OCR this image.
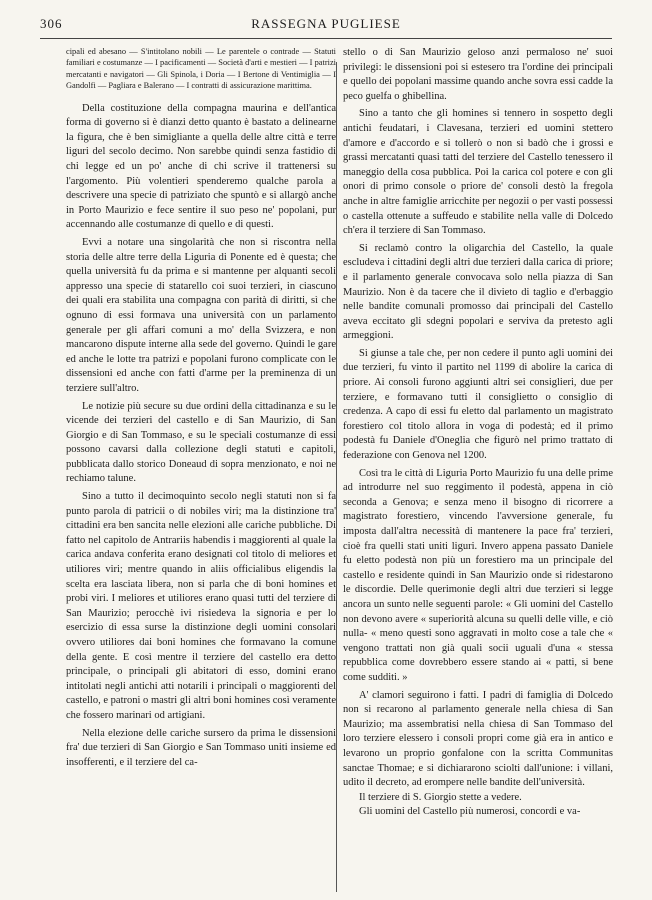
306	RASSEGNA PUGLIESE

cipali ed abesano — S'intitolano nobili — Le parentele o contrade — Statuti familiari e costumanze — I pacificamenti — Società d'arti e mestieri — I patrizi mercatanti e navigatori — Gli Spinola, i Doria — I Bertone di Ventimiglia — I Gandolfi — Pagliara e Balerano — I contratti di assicurazione marittima.

Della costituzione della compagna maurina e dell'antica forma di governo si è dianzi detto quanto è bastato a delinearne la figura, che è ben simigliante a quella delle altre città e terre liguri del secolo decimo. Non sarebbe quindi senza fastidio di chi legge ed un po' anche di chi scrive il trattenersi su l'argomento. Più volentieri spenderemo qualche parola a descrivere una specie di patriziato che spuntò e si allargò anche in Porto Maurizio e fece sentire il suo peso ne' popolani, pur accennando alle costumanze di quello e di questi.

Evvi a notare una singolarità che non si riscontra nella storia delle altre terre della Liguria di Ponente ed è questa; che quella università fu da prima e si mantenne per alquanti secoli appresso una specie di statarello coi suoi terzieri, in ciascuno dei quali era stabilita una compagna con parità di diritti, sì che ognuno di essi formava una università con un parlamento generale per gli affari comuni a mo' della Svizzera, e non mancarono dispute interne alla sede del governo. Quindi le gare ed anche le lotte tra patrizi e popolani furono complicate con le dissensioni ed anche con fatti d'arme per la preminenza di un terziere sull'altro.

Le notizie più secure su due ordini della cittadinanza e su le vicende dei terzieri del castello e di San Maurizio, di San Giorgio e di San Tommaso, e su le speciali costumanze di essi possono cavarsi dalla collezione degli statuti e capitoli, pubblicata dallo storico Doneaud di sopra menzionato, e noi ne rechiamo talune.

Sino a tutto il decimoquinto secolo negli statuti non si fa punto parola di patricii o di nobiles viri; ma la distinzione tra' cittadini era ben sancita nelle elezioni alle cariche pubbliche. Di fatto nel capitolo de Antrariis habendis i maggiorenti al quale la carica andava conferita erano designati col titolo di meliores et utiliores viri; mentre quando in aliis officialibus eligendis la scelta era lasciata libera, non si parla che di boni homines et probi viri. I meliores et utiliores erano quasi tutti del terziere di San Maurizio; perocchè ivi risiedeva la signoria e per lo esercizio di essa surse la distinzione degli uomini consolari ovvero utiliores dai boni homines che formavano la comune della gente. E così mentre il terziere del castello era detto principale, o principali gli abitatori di esso, domini erano intitolati negli antichi atti notarili i principali o maggiorenti del castello, e patroni o mastri gli altri boni homines così veramente che fossero marinari od artigiani.

Nella elezione delle cariche sursero da prima le dissensioni fra' due terzieri di San Giorgio e San Tommaso uniti insieme ed insofferenti, e il terziere del ca-

stello o di San Maurizio geloso anzi permaloso ne' suoi privilegi: le dissensioni poi si estesero tra l'ordine dei principali e quello dei popolani massime quando anche sovra essi cadde la peco guelfa o ghibellina.

Sino a tanto che gli homines si tennero in sospetto degli antichi feudatari, i Clavesana, terzieri ed uomini stettero d'amore e d'accordo e si tollerò o non si badò che i grossi e grassi mercatanti quasi tatti del terziere del Castello tenessero il maneggio della cosa pubblica. Poi la carica col potere e con gli onori di primo console o priore de' consoli destò la fregola anche in altre famiglie arricchite per negozii o per vasti possessi o castella ottenute a suffeudo e stabilite nella valle di Dolcedo ch'era il terziere di San Tommaso.

Si reclamò contro la oligarchia del Castello, la quale escludeva i cittadini degli altri due terzieri dalla carica di priore; e il parlamento generale convocava solo nella piazza di San Maurizio. Non è da tacere che il divieto di taglio e d'erbaggio nelle bandite comunali promosso dai principali del Castello aveva eccitato gli sdegni popolari e serviva da pretesto agli armeggioni.

Si giunse a tale che, per non cedere il punto agli uomini dei due terzieri, fu vinto il partito nel 1199 di abolire la carica di priore. Ai consoli furono aggiunti altri sei consiglieri, due per terziere, e formavano tutti il consiglietto o consiglio di credenza. A capo di essi fu eletto dal parlamento un magistrato forestiero col titolo allora in voga di podestà; ed il primo podestà fu Daniele d'Oneglia che figurò nel primo trattato di federazione con Genova nel 1200.

Così tra le città di Liguria Porto Maurizio fu una delle prime ad introdurre nel suo reggimento il podestà, appena in ciò seconda a Genova; e senza meno il bisogno di ricorrere a magistrato forestiero, vincendo l'avversione generale, fu imposta dall'altra necessità di mantenere la pace fra' terzieri, cioè fra quelli stati uniti liguri. Invero appena passato Daniele fu eletto podestà non più un forestiero ma un principale del castello e residente quindi in San Maurizio onde si ridestarono le discordie. Delle querimonie degli altri due terzieri si legge ancora un sunto nelle seguenti parole: « Gli uomini del Castello non devono avere « superiorità alcuna su quelli delle ville, e ciò nulla- « meno questi sono aggravati in molto cose a tale che « vengono trattati non già quali socii uguali d'una « stessa repubblica come dovrebbero essere stando ai « patti, si bene come sudditi. »

A' clamori seguirono i fatti. I padri di famiglia di Dolcedo non si recarono al parlamento generale nella chiesa di San Maurizio; ma assembratisi nella chiesa di San Tommaso del loro terziere elessero i consoli propri come già era in antico e levarono un proprio gonfalone con la scritta Communitas sanctae Thomae; e si dichiararono sciolti dall'unione: i villani, udito il decreto, ad erompere nelle bandite dell'università.

Il terziere di S. Giorgio stette a vedere.

Gli uomini del Castello più numerosi, concordi e va-
